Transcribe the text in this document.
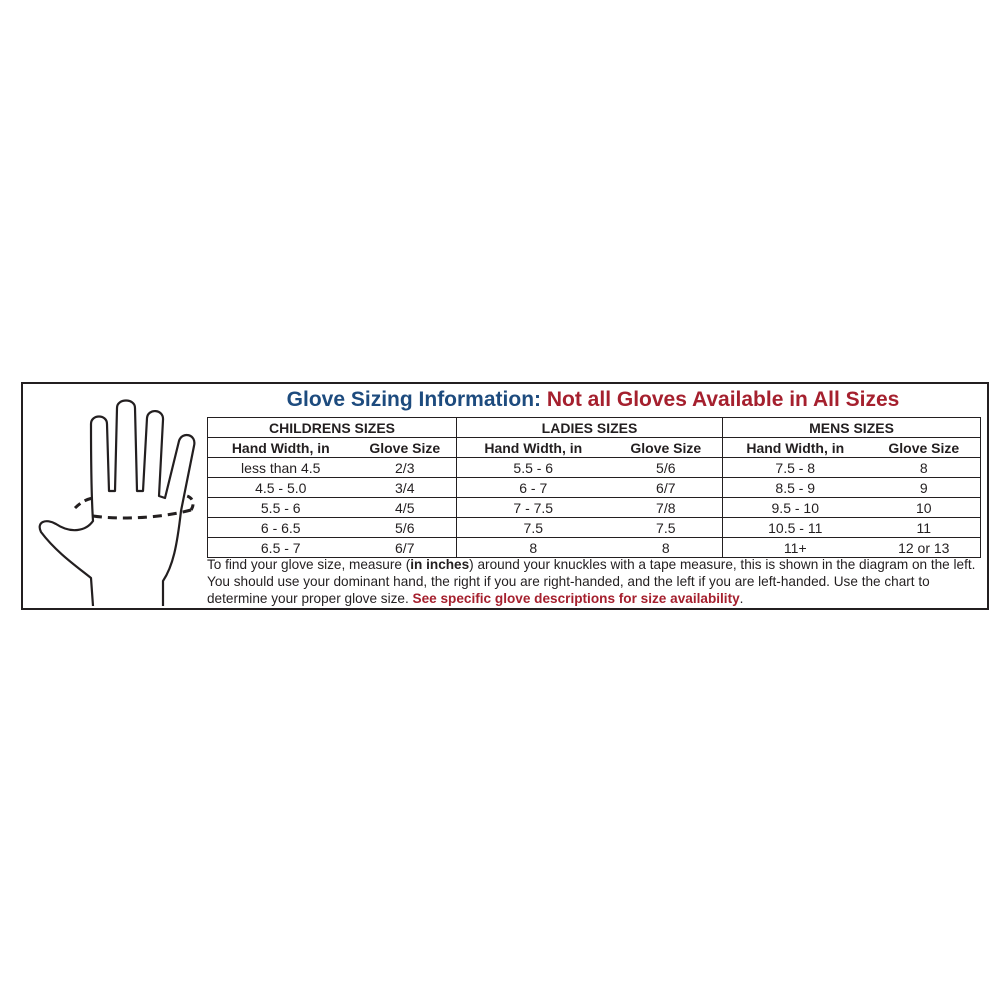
Glove Sizing Information: Not all Gloves Available in All Sizes
CHILDRENS SIZES		LADIES SIZES		MENS SIZES	
Hand Width, in	Glove Size	Hand Width, in	Glove Size	Hand Width, in	Glove Size
less than 4.5	2/3	5.5 - 6	5/6	7.5 - 8	8
4.5 - 5.0	3/4	6 - 7	6/7	8.5 - 9	9
5.5 - 6	4/5	7 - 7.5	7/8	9.5 - 10	10
6 - 6.5	5/6	7.5	7.5	10.5 - 11	11
6.5 - 7	6/7	8	8	11+	12 or 13
To find your glove size, measure (in inches) around your knuckles with a tape measure, this is shown in the diagram on the left. You should use your dominant hand, the right if you are right-handed, and the left if you are left-handed. Use the chart to determine your proper glove size. See specific glove descriptions for size availability.
